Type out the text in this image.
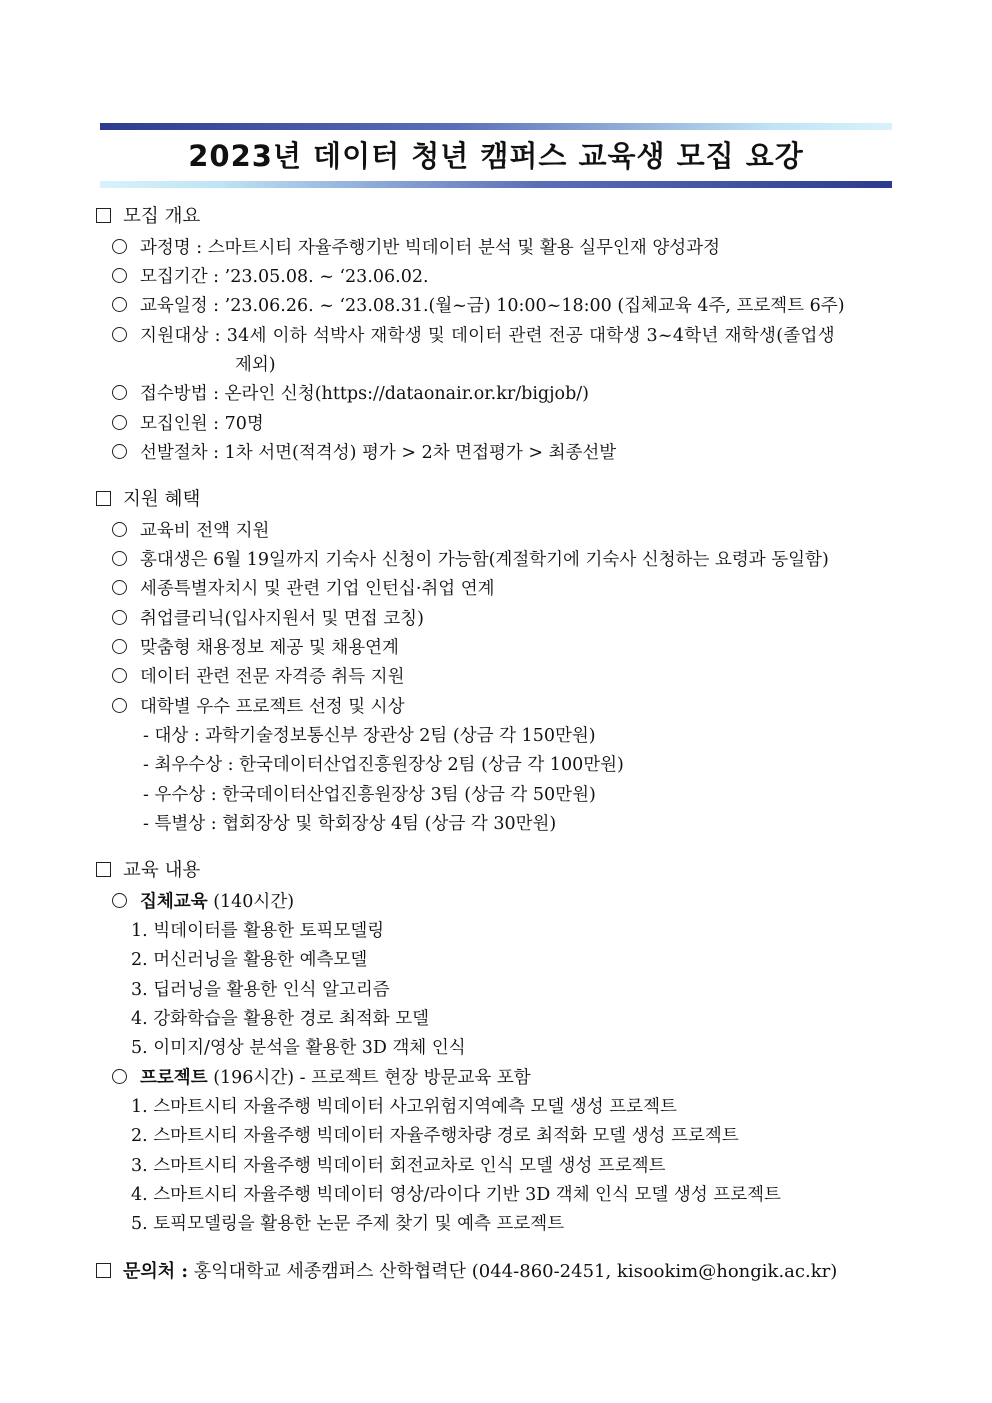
2023년 데이터 청년 캠퍼스 교육생 모집 요강
모집 개요
과정명 : 스마트시티 자율주행기반 빅데이터 분석 및 활용 실무인재 양성과정
모집기간 : ’23.05.08. ~ ‘23.06.02.
교육일정 : ’23.06.26. ~ ‘23.08.31.(월~금) 10:00~18:00 (집체교육 4주, 프로젝트 6주)
지원대상 : 34세 이하 석박사 재학생 및 데이터 관련 전공 대학생 3~4학년 재학생(졸업생
제외)
접수방법 : 온라인 신청(https://dataonair.or.kr/bigjob/)
모집인원 : 70명
선발절차 : 1차 서면(적격성) 평가 > 2차 면접평가 > 최종선발
지원 혜택
교육비 전액 지원
홍대생은 6월 19일까지 기숙사 신청이 가능함(계절학기에 기숙사 신청하는 요령과 동일함)
세종특별자치시 및 관련 기업 인턴십·취업 연계
취업클리닉(입사지원서 및 면접 코칭)
맞춤형 채용정보 제공 및 채용연계
데이터 관련 전문 자격증 취득 지원
대학별 우수 프로젝트 선정 및 시상
- 대상 : 과학기술정보통신부 장관상 2팀 (상금 각 150만원)
- 최우수상 : 한국데이터산업진흥원장상 2팀 (상금 각 100만원)
- 우수상 : 한국데이터산업진흥원장상 3팀 (상금 각 50만원)
- 특별상 : 협회장상 및 학회장상 4팀 (상금 각 30만원)
교육 내용
집체교육 (140시간)
1. 빅데이터를 활용한 토픽모델링
2. 머신러닝을 활용한 예측모델
3. 딥러닝을 활용한 인식 알고리즘
4. 강화학습을 활용한 경로 최적화 모델
5. 이미지/영상 분석을 활용한 3D 객체 인식
프로젝트 (196시간) - 프로젝트 현장 방문교육 포함
1. 스마트시티 자율주행 빅데이터 사고위험지역예측 모델 생성 프로젝트
2. 스마트시티 자율주행 빅데이터 자율주행차량 경로 최적화 모델 생성 프로젝트
3. 스마트시티 자율주행 빅데이터 회전교차로 인식 모델 생성 프로젝트
4. 스마트시티 자율주행 빅데이터 영상/라이다 기반 3D 객체 인식 모델 생성 프로젝트
5. 토픽모델링을 활용한 논문 주제 찾기 및 예측 프로젝트
문의처 : 홍익대학교 세종캠퍼스 산학협력단 (044-860-2451, kisookim@hongik.ac.kr)
